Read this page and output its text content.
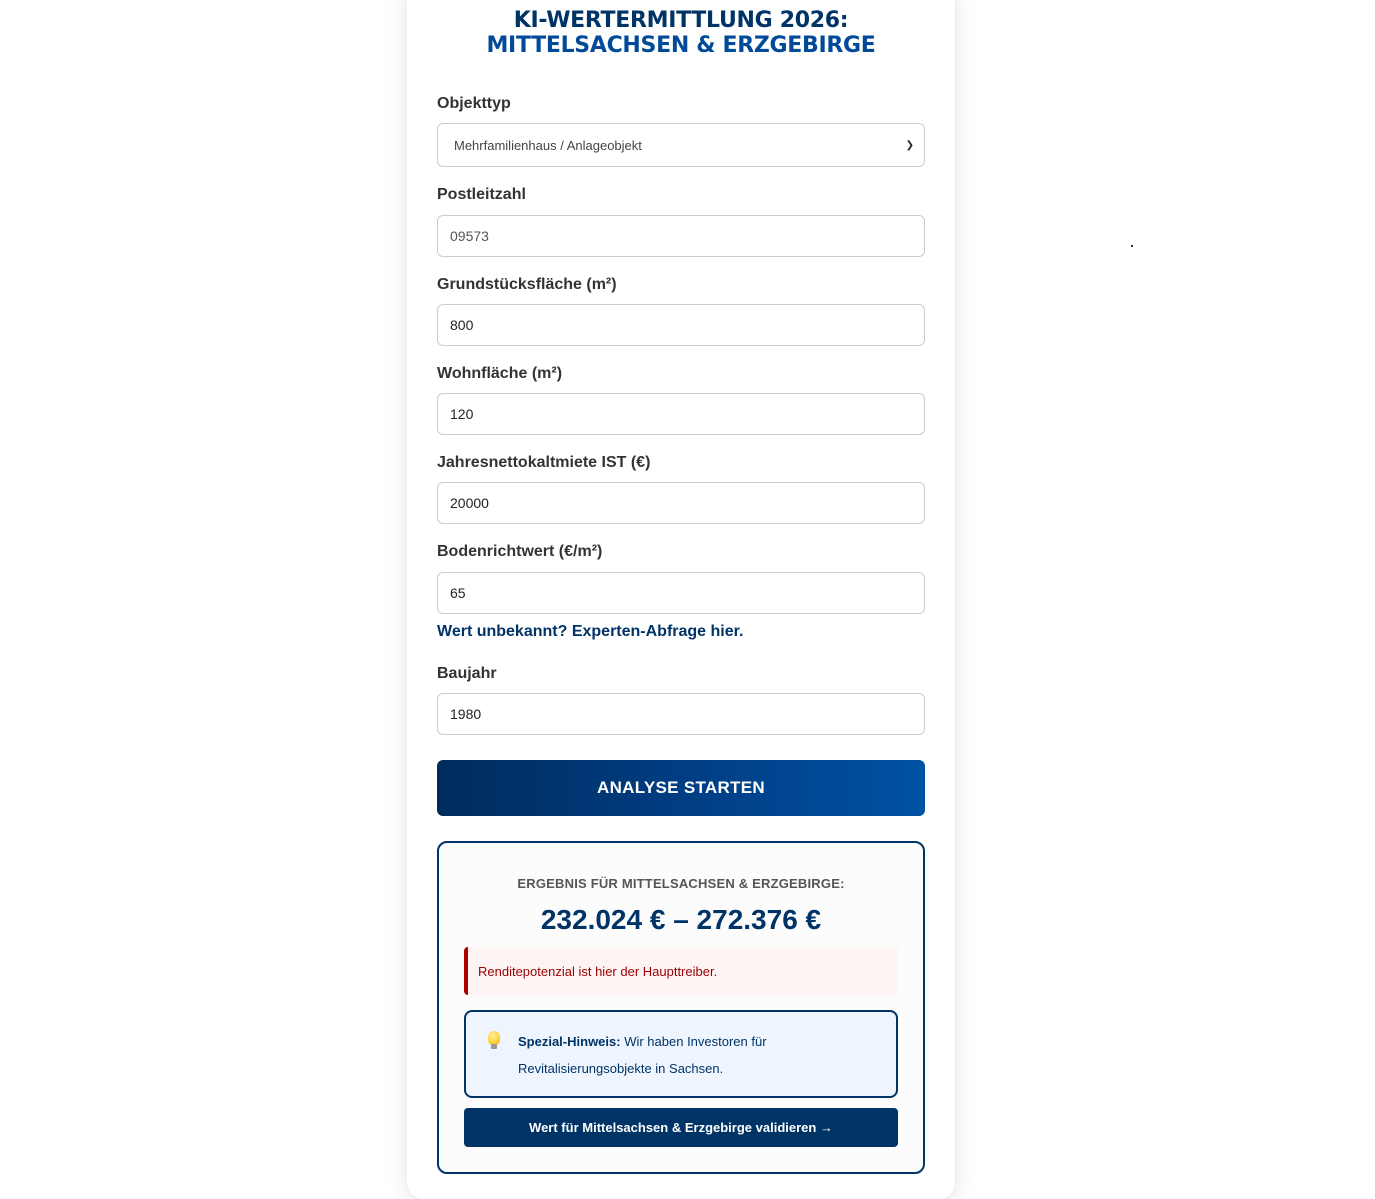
KI-WERTERMITTLUNG 2026:
MITTELSACHSEN & ERZGEBIRGE
Objekttyp
Mehrfamilienhaus / Anlageobjekt	❯
Postleitzahl
09573
Grundstücksfläche (m²)
800
Wohnfläche (m²)
120
Jahresnettokaltmiete IST (€)
20000
Bodenrichtwert (€/m²)
65
Wert unbekannt? Experten-Abfrage hier.
Baujahr
1980
ANALYSE STARTEN
ERGEBNIS FÜR MITTELSACHSEN & ERZGEBIRGE:
232.024 € – 272.376 €
Renditepotenzial ist hier der Haupttreiber.
Spezial-Hinweis: Wir haben Investoren für
Revitalisierungsobjekte in Sachsen.
Wert für Mittelsachsen & Erzgebirge validieren →
